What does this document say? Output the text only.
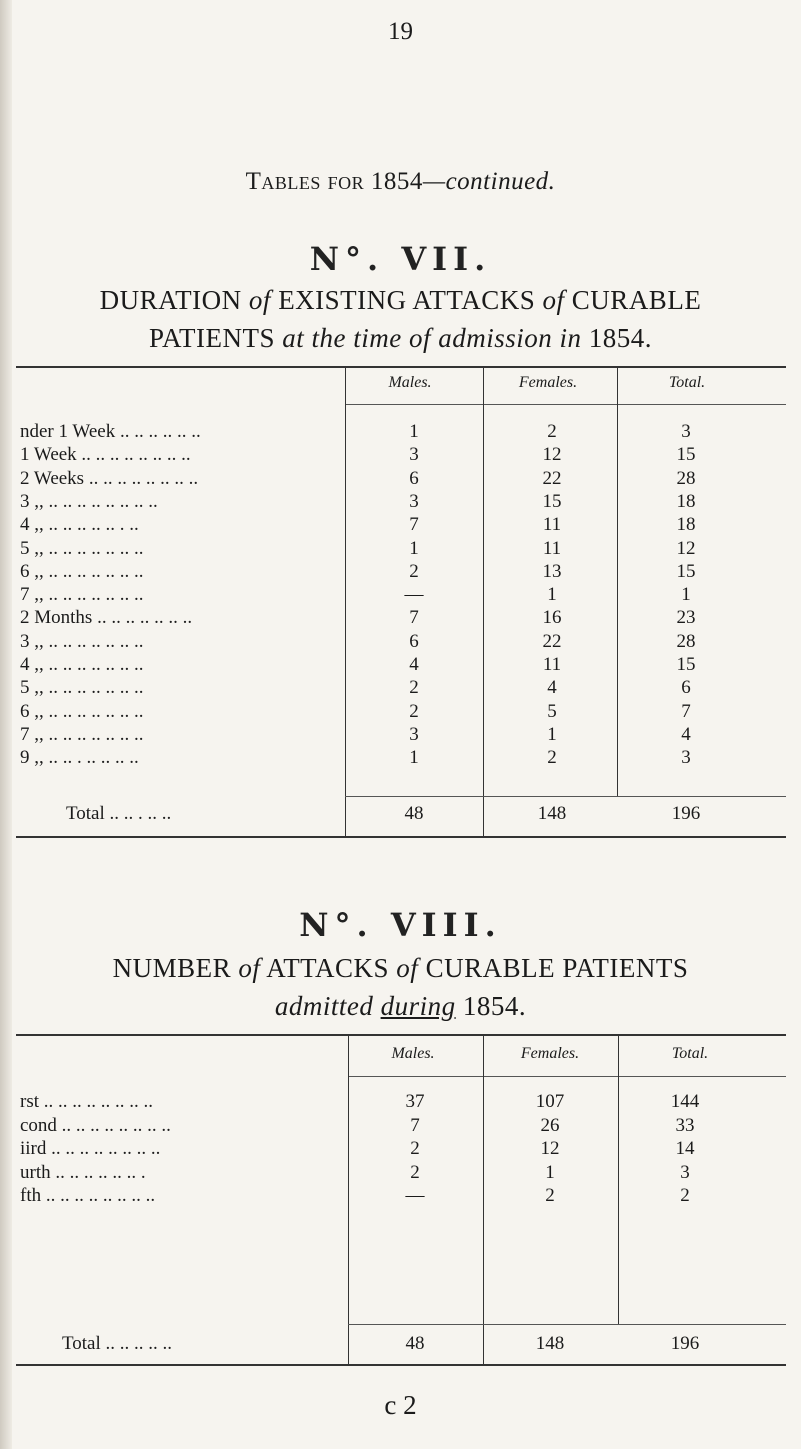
19
Tables for 1854—continued.
N°. VII.
DURATION of EXISTING ATTACKS of CURABLE
PATIENTS at the time of admission in 1854.
Males.	Females.	Total.
nder 1 Week .. .. .. .. .. ..	1	2	3
1 Week .. .. .. .. .. .. .. ..	3	12	15
2 Weeks .. .. .. .. .. .. .. ..	6	22	28
3 ,, .. .. .. .. .. .. .. ..	3	15	18
4 ,, .. .. .. .. .. . ..	7	11	18
5 ,, .. .. .. .. .. .. ..	1	11	12
6 ,, .. .. .. .. .. .. ..	2	13	15
7 ,, .. .. .. .. .. .. ..	—	1	1
2 Months .. .. .. .. .. .. ..	7	16	23
3 ,, .. .. .. .. .. .. ..	6	22	28
4 ,, .. .. .. .. .. .. ..	4	11	15
5 ,, .. .. .. .. .. .. ..	2	4	6
6 ,, .. .. .. .. .. .. ..	2	5	7
7 ,, .. .. .. .. .. .. ..	3	1	4
9 ,, .. .. . .. .. .. ..	1	2	3
Total .. .. . .. ..	48	148	196
N°. VIII.
NUMBER of ATTACKS of CURABLE PATIENTS
admitted during 1854.
Males.	Females.	Total.
rst .. .. .. .. .. .. .. ..	37	107	144
cond .. .. .. .. .. .. .. ..	7	26	33
iird .. .. .. .. .. .. .. ..	2	12	14
urth .. .. .. .. .. .. .	2	1	3
fth .. .. .. .. .. .. .. ..	—	2	2
Total .. .. .. .. ..	48	148	196
c 2
